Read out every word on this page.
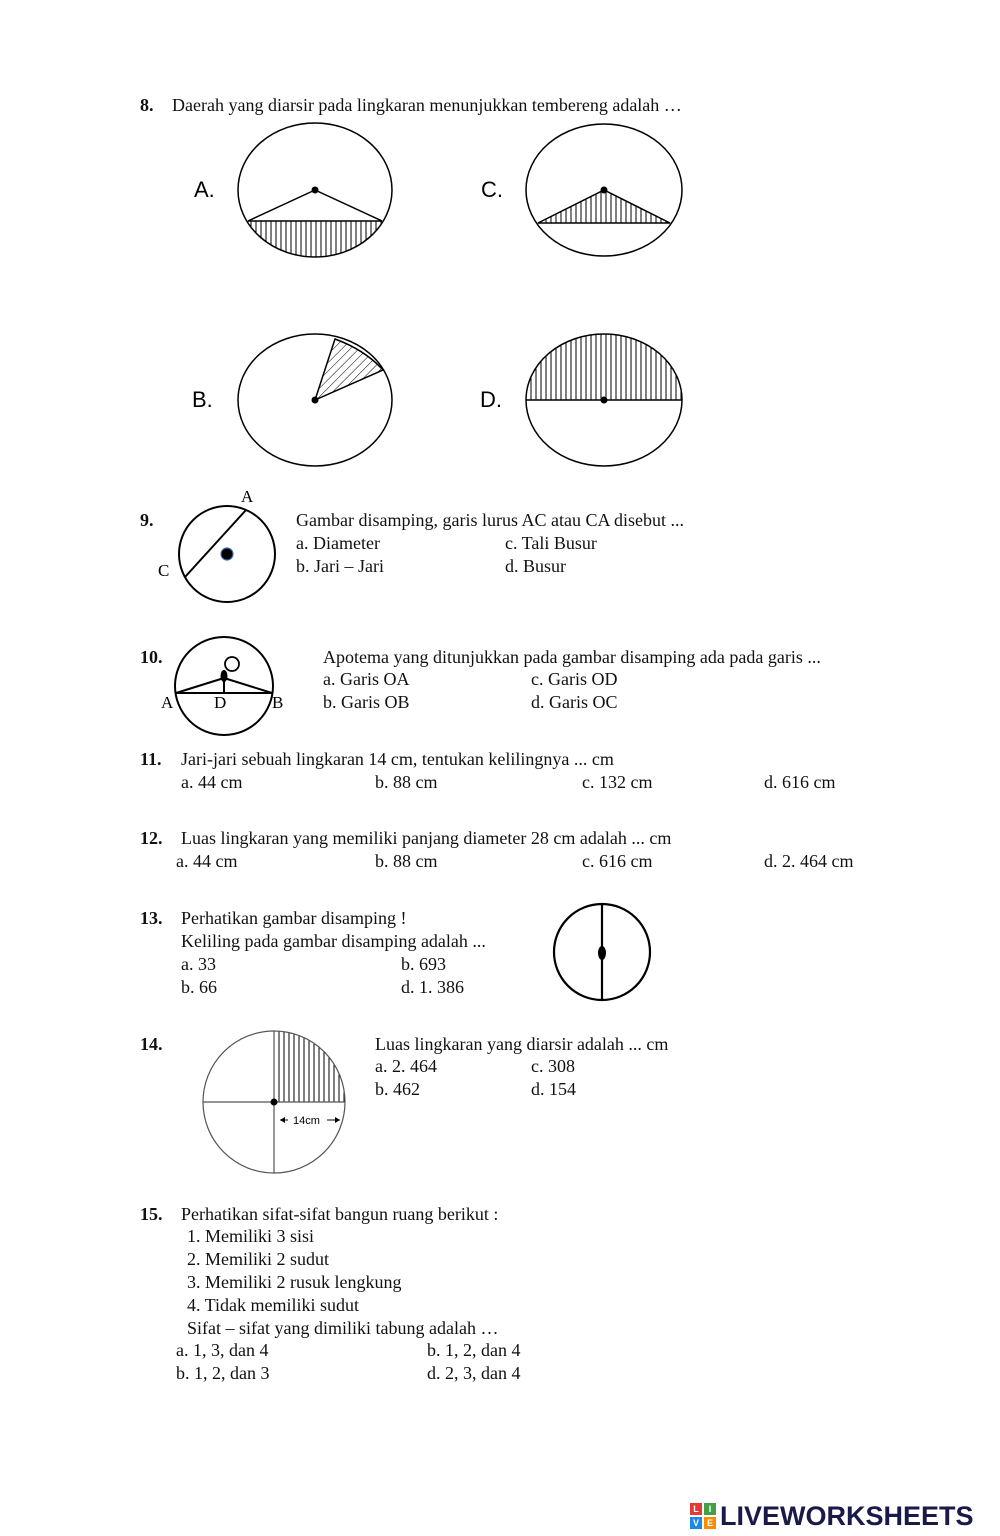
8. Daerah yang diarsir pada lingkaran menunjukkan tembereng adalah …
A.	C.
B.	D.
9.
A
C
Gambar disamping, garis lurus AC atau CA disebut ...
a. Diameter
b. Jari – Jari
c. Tali Busur
d. Busur
10.
A D	B
Apotema yang ditunjukkan pada gambar disamping ada pada garis ...
a. Garis OA
b. Garis OB
c. Garis OD
d. Garis OC
11. Jari-jari sebuah lingkaran 14 cm, tentukan kelilingnya ... cm
a. 44 cm	b. 88 cm	c. 132 cm	d. 616 cm
12. Luas lingkaran yang memiliki panjang diameter 28 cm adalah ... cm
a. 44 cm	b. 88 cm	c. 616 cm	d. 2. 464 cm
13. Perhatikan gambar disamping !
Keliling pada gambar disamping adalah ...
a. 33	b. 693
b. 66	d. 1. 386
14.
14cm
Luas lingkaran yang diarsir adalah ... cm
a. 2. 464	c. 308
b. 462	d. 154
15. Perhatikan sifat-sifat bangun ruang berikut :
1. Memiliki 3 sisi
2. Memiliki 2 sudut
3. Memiliki 2 rusuk lengkung
4. Tidak memiliki sudut
Sifat – sifat yang dimiliki tabung adalah …
a. 1, 3, dan 4	b. 1, 2, dan 4
b. 1, 2, dan 3	d. 2, 3, dan 4
L	I
V E LIVEWORKSHEETS
